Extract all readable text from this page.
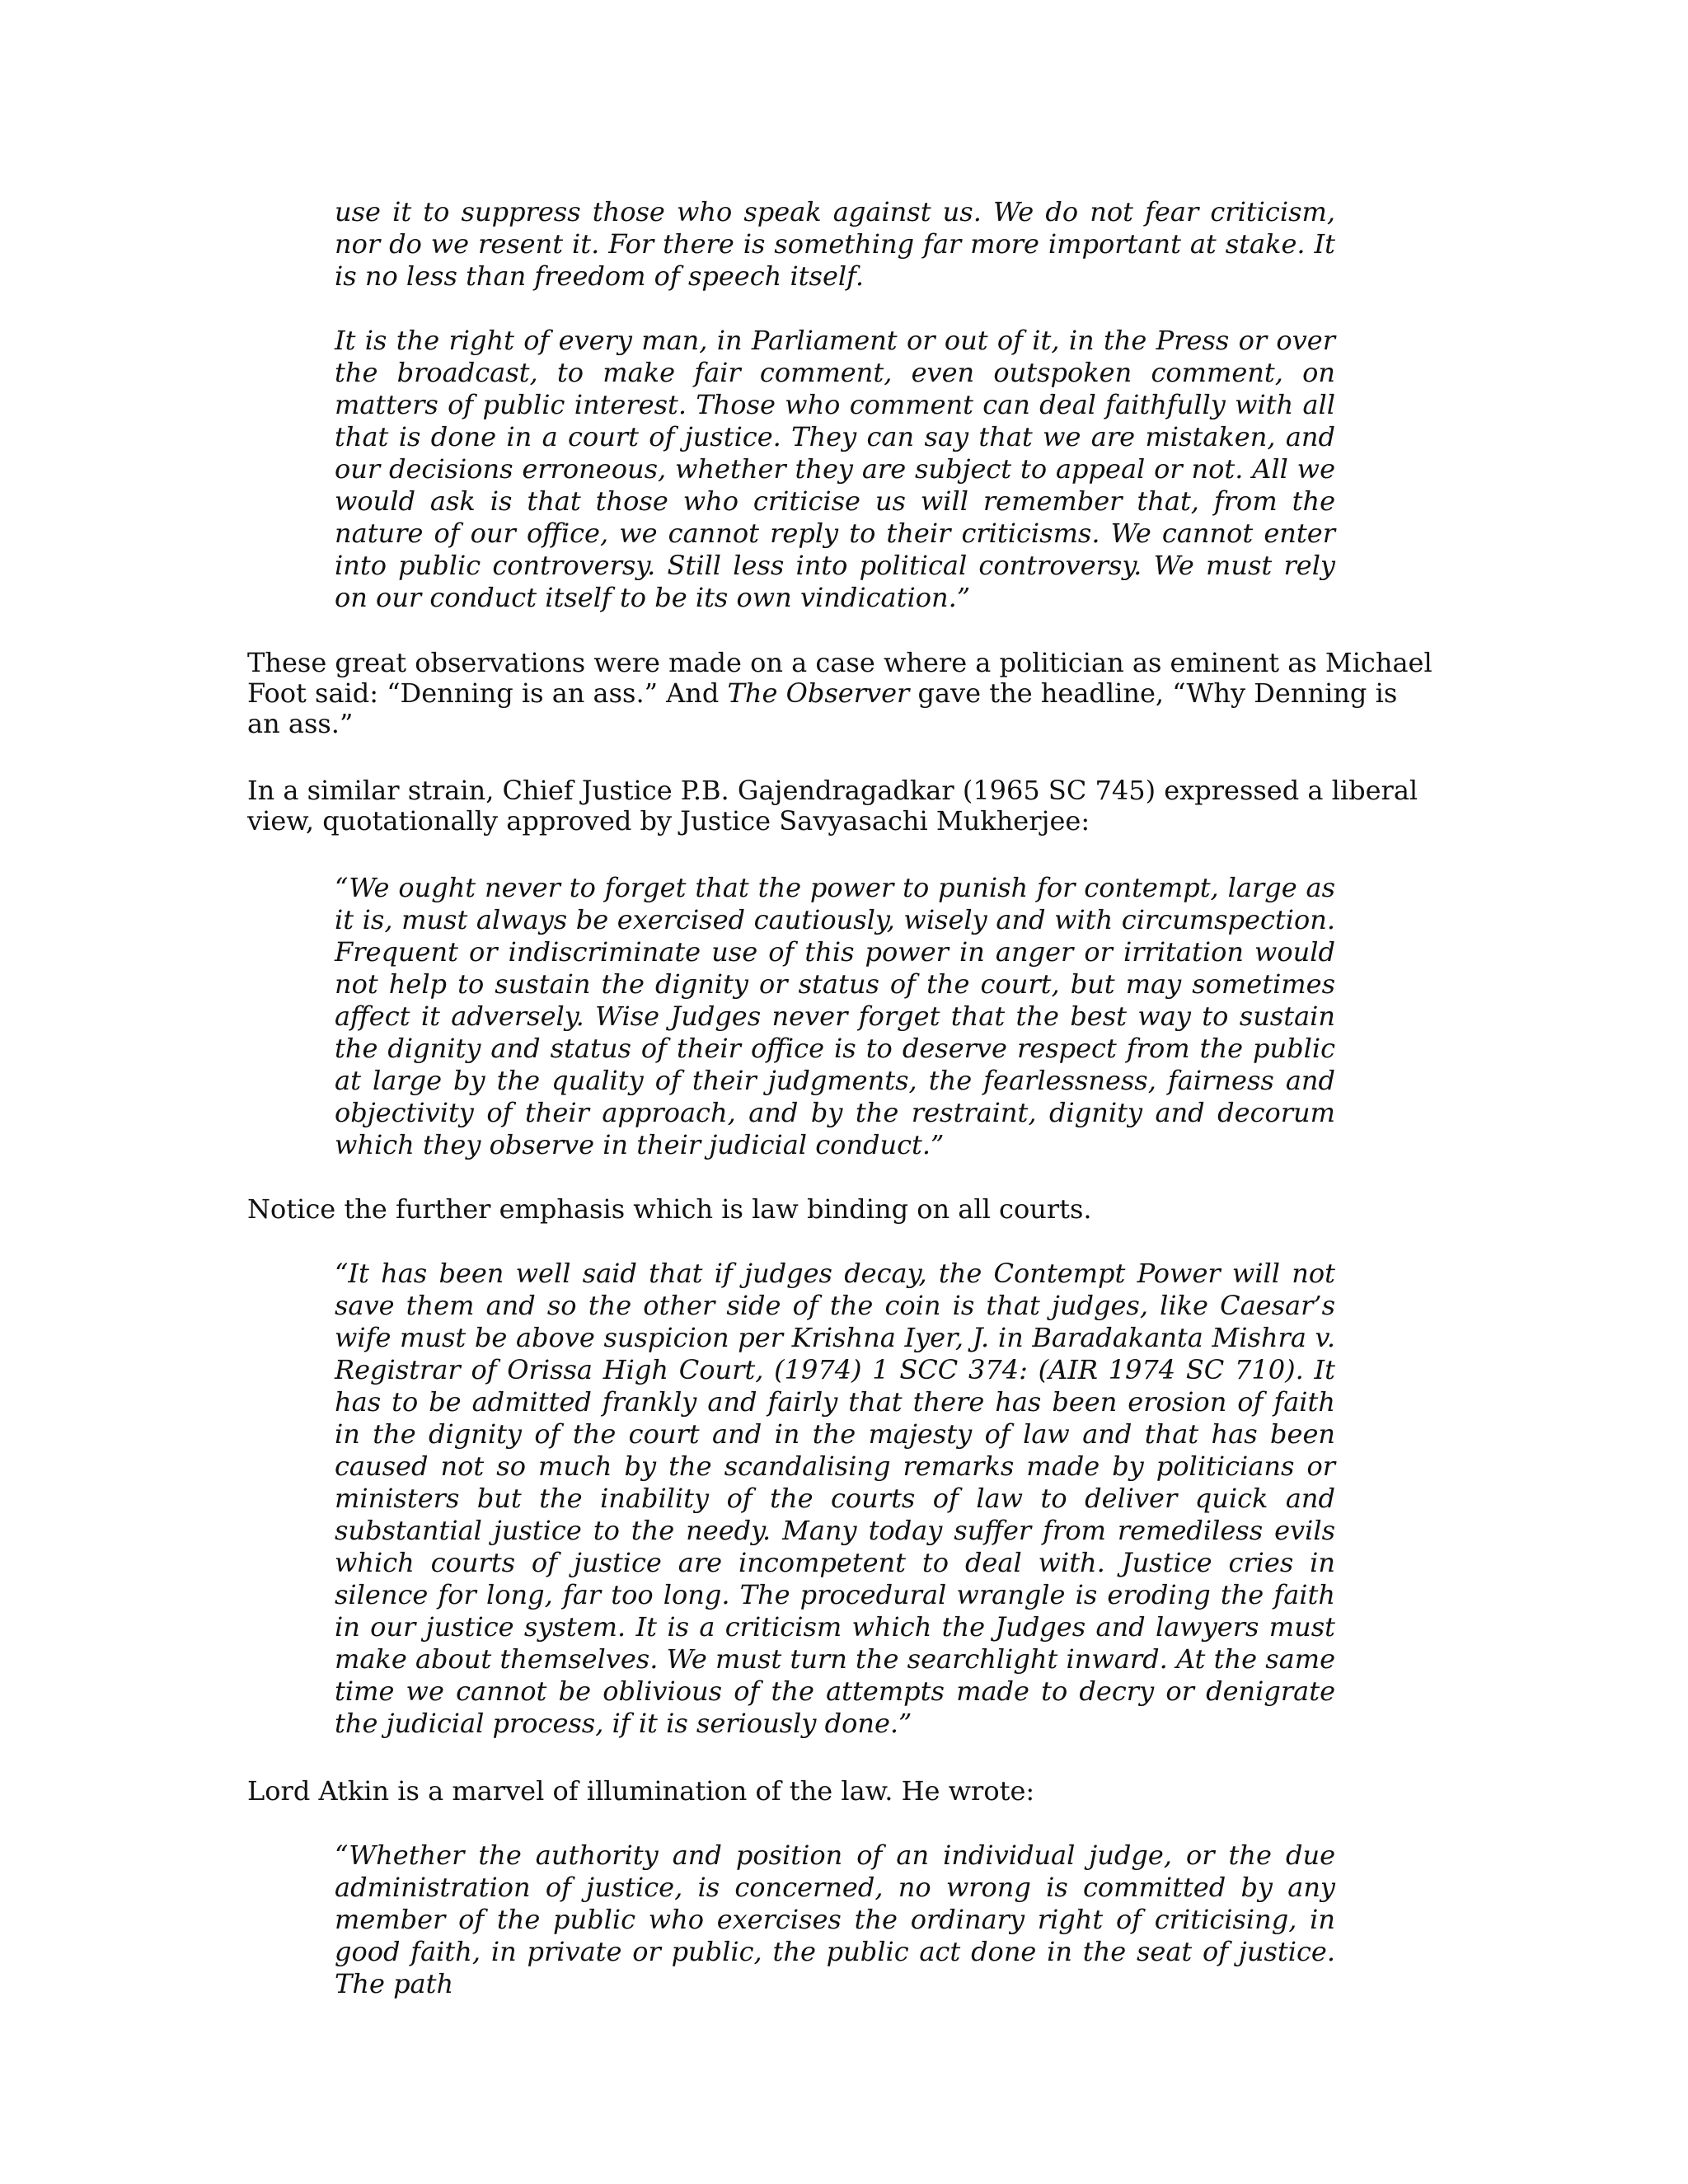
use it to suppress those who speak against us. We do not fear criticism, nor do we resent it. For there is something far more important at stake. It is no less than freedom of speech itself.

It is the right of every man, in Parliament or out of it, in the Press or over the broadcast, to make fair comment, even outspoken comment, on matters of public interest. Those who comment can deal faithfully with all that is done in a court of justice. They can say that we are mistaken, and our decisions erroneous, whether they are subject to appeal or not. All we would ask is that those who criticise us will remember that, from the nature of our office, we cannot reply to their criticisms. We cannot enter into public controversy. Still less into political controversy. We must rely on our conduct itself to be its own vindication.”

These great observations were made on a case where a politician as eminent as Michael Foot said: “Denning is an ass.” And The Observer gave the headline, “Why Denning is an ass.”

In a similar strain, Chief Justice P.B. Gajendragadkar (1965 SC 745) expressed a liberal view, quotationally approved by Justice Savyasachi Mukherjee:

“We ought never to forget that the power to punish for contempt, large as it is, must always be exercised cautiously, wisely and with circumspection. Frequent or indiscriminate use of this power in anger or irritation would not help to sustain the dignity or status of the court, but may sometimes affect it adversely. Wise Judges never forget that the best way to sustain the dignity and status of their office is to deserve respect from the public at large by the quality of their judgments, the fearlessness, fairness and objectivity of their approach, and by the restraint, dignity and decorum which they observe in their judicial conduct.”

Notice the further emphasis which is law binding on all courts.

“It has been well said that if judges decay, the Contempt Power will not save them and so the other side of the coin is that judges, like Caesar’s wife must be above suspicion per Krishna Iyer, J. in Baradakanta Mishra v. Registrar of Orissa High Court, (1974) 1 SCC 374: (AIR 1974 SC 710). It has to be admitted frankly and fairly that there has been erosion of faith in the dignity of the court and in the majesty of law and that has been caused not so much by the scandalising remarks made by politicians or ministers but the inability of the courts of law to deliver quick and substantial justice to the needy. Many today suffer from remediless evils which courts of justice are incompetent to deal with. Justice cries in silence for long, far too long. The procedural wrangle is eroding the faith in our justice system. It is a criticism which the Judges and lawyers must make about themselves. We must turn the searchlight inward. At the same time we cannot be oblivious of the attempts made to decry or denigrate the judicial process, if it is seriously done.”

Lord Atkin is a marvel of illumination of the law. He wrote:

“Whether the authority and position of an individual judge, or the due administration of justice, is concerned, no wrong is committed by any member of the public who exercises the ordinary right of criticising, in good faith, in private or public, the public act done in the seat of justice. The path
